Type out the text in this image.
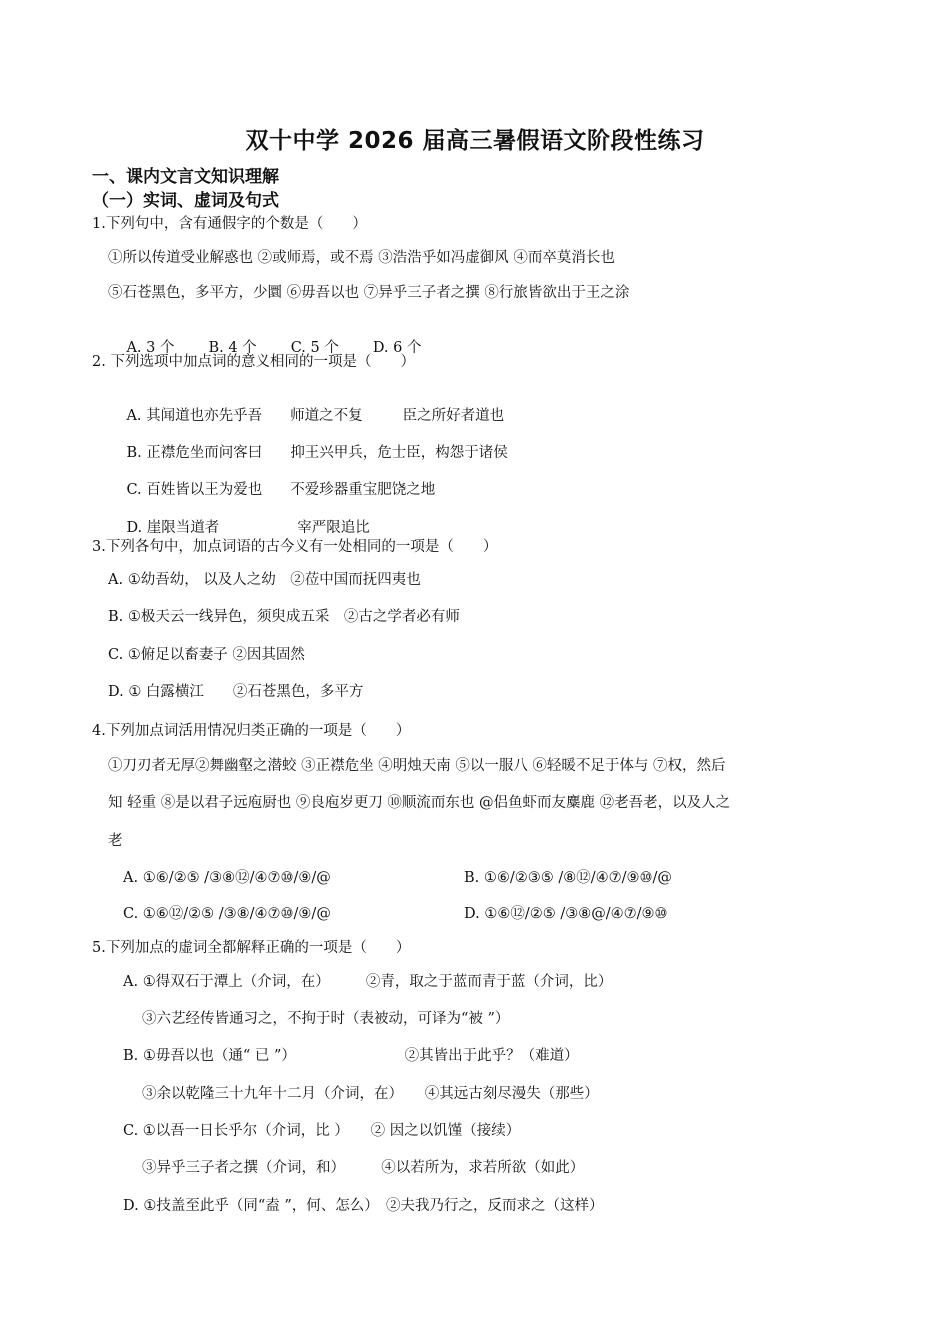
双十中学 2026 届高三暑假语文阶段性练习
一、课内文言文知识理解
（一）实词、虚词及句式
1.下列句中，含有通假字的个数是（　　）
①所以传道受业解惑也 ②或师焉，或不焉 ③浩浩乎如冯虚御风 ④而卒莫消长也
⑤石苍黑色，多平方，少圜 ⑥毋吾以也 ⑦异乎三子者之撰 ⑧行旅皆欲出于王之涂

A. 3 个 B. 4 个 C. 5 个 D. 6 个

2. 下列选项中加点词的意义相同的一项是（　　）

A. 其闻道也亦先乎吾 师道之不复	臣之所好者道也

B. 正襟危坐而问客曰 抑王兴甲兵，危士臣，构怨于诸侯

C. 百姓皆以王为爱也 不爱珍器重宝肥饶之地

D. 崖限当道者	宰严限追比

3.下列各句中，加点词语的古今义有一处相同的一项是（　　）
A. ①幼吾幼， 以及人之幼　②莅中国而抚四夷也
B. ①极天云一线异色，须臾成五采　②古之学者必有师
C. ①俯足以畜妻子 ②因其固然
D. ① 白露横江　　②石苍黑色，多平方
4.下列加点词活用情况归类正确的一项是（　　）
①刀刃者无厚②舞幽壑之潜蛟 ③正襟危坐 ④明烛天南 ⑤以一服八 ⑥轻暖不足于体与 ⑦权，然后
知 轻重 ⑧是以君子远庖厨也 ⑨良庖岁更刀 ⑩顺流而东也 @侣鱼虾而友麋鹿 ⑫老吾老，以及人之
老
A. ①⑥/②⑤ /③⑧⑫/④⑦⑩/⑨/@	B. ①⑥/②③⑤ /⑧⑫/④⑦/⑨⑩/@
C. ①⑥⑫/②⑤ /③⑧/④⑦⑩/⑨/@	D. ①⑥⑫/②⑤ /③⑧@/④⑦/⑨⑩
5.下列加点的虚词全都解释正确的一项是（　　）
A. ①得双石于潭上（介词，在）　　　②青，取之于蓝而青于蓝（介词，比）
③六艺经传皆通习之，不拘于时（表被动，可译为“被 ”）
B. ①毋吾以也（通“ 已 ”）　　　　　　　　②其皆出于此乎？（难道）
③余以乾隆三十九年十二月（介词，在）　　④其远古刻尽漫失（那些）
C. ①以吾一日长乎尔（介词，比 ）　　② 因之以饥馑（接续）
③异乎三子者之撰（介词，和）　　　④以若所为，求若所欲（如此）
D. ①技盖至此乎（同“盍 ”，何、怎么）　②夫我乃行之，反而求之（这样）
